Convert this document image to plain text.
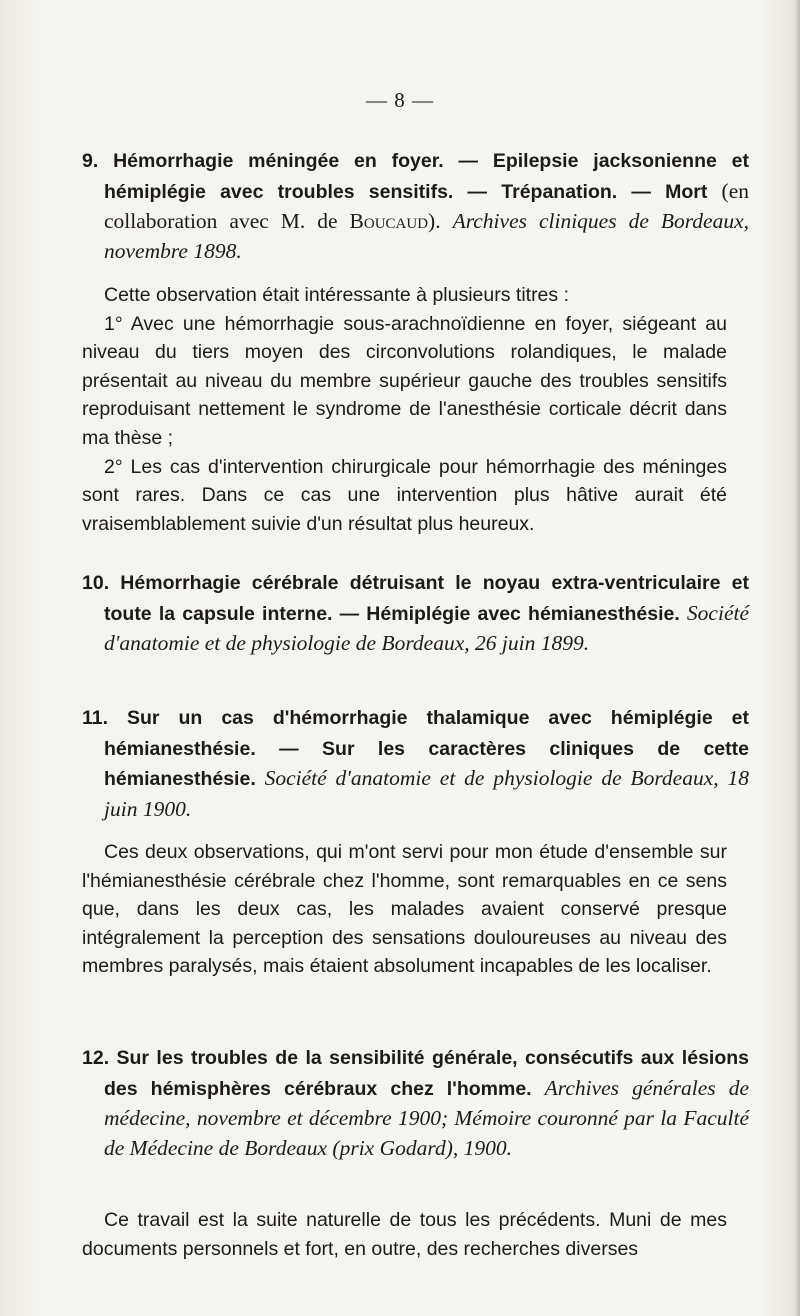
— 8 —
9. Hémorrhagie méningée en foyer. — Epilepsie jacksonienne et hémiplégie avec troubles sensitifs. — Trépanation. — Mort (en collaboration avec M. de Boucaud). Archives cliniques de Bordeaux, novembre 1898.

Cette observation était intéressante à plusieurs titres :

1° Avec une hémorrhagie sous-arachnoïdienne en foyer, siégeant au niveau du tiers moyen des circonvolutions rolandiques, le malade présentait au niveau du membre supérieur gauche des troubles sensitifs reproduisant nettement le syndrome de l'anesthésie corticale décrit dans ma thèse ;

2° Les cas d'intervention chirurgicale pour hémorrhagie des méninges sont rares. Dans ce cas une intervention plus hâtive aurait été vraisemblablement suivie d'un résultat plus heureux.

10. Hémorrhagie cérébrale détruisant le noyau extra-ventriculaire et toute la capsule interne. — Hémiplégie avec hémianesthésie. Société d'anatomie et de physiologie de Bordeaux, 26 juin 1899.
11. Sur un cas d'hémorrhagie thalamique avec hémiplégie et hémianesthésie. — Sur les caractères cliniques de cette hémianesthésie. Société d'anatomie et de physiologie de Bordeaux, 18 juin 1900.

Ces deux observations, qui m'ont servi pour mon étude d'ensemble sur l'hémianesthésie cérébrale chez l'homme, sont remarquables en ce sens que, dans les deux cas, les malades avaient conservé presque intégralement la perception des sensations douloureuses au niveau des membres paralysés, mais étaient absolument incapables de les localiser.

12. Sur les troubles de la sensibilité générale, consécutifs aux lésions des hémisphères cérébraux chez l'homme. Archives générales de médecine, novembre et décembre 1900; Mémoire couronné par la Faculté de Médecine de Bordeaux (prix Godard), 1900.

Ce travail est la suite naturelle de tous les précédents. Muni de mes documents personnels et fort, en outre, des recherches diverses
